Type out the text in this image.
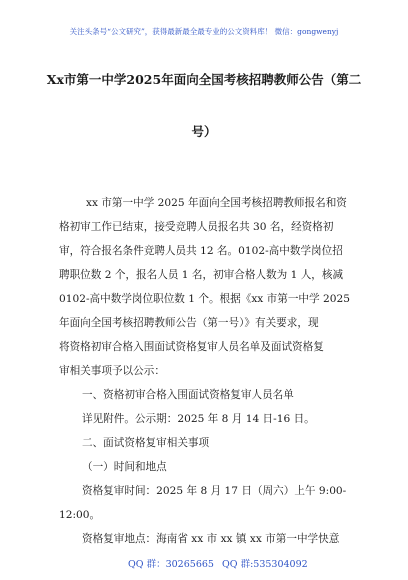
关注头条号“公文研究”，获得最新最全最专业的公文资料库！ 微信：gongwenyj
Xx市第一中学2025年面向全国考核招聘教师公告（第二
号）
xx 市第一中学 2025 年面向全国考核招聘教师报名和资
格初审工作已结束，接受竞聘人员报名共 30 名，经资格初
审，符合报名条件竞聘人员共 12 名。0102-高中数学岗位招
聘职位数 2 个，报名人员 1 名，初审合格人数为 1 人，核减
0102-高中数学岗位职位数 1 个。根据《xx 市第一中学 2025
年面向全国考核招聘教师公告（第一号）》有关要求，现
将资格初审合格入围面试资格复审人员名单及面试资格复
审相关事项予以公示：
一、资格初审合格入围面试资格复审人员名单
详见附件。公示期：2025 年 8 月 14 日-16 日。
二、面试资格复审相关事项
（一）时间和地点
资格复审时间：2025 年 8 月 17 日（周六）上午 9:00-
12:00。
资格复审地点：海南省 xx 市 xx 镇 xx 市第一中学快意
QQ 群：30265665 QQ 群:535304092
